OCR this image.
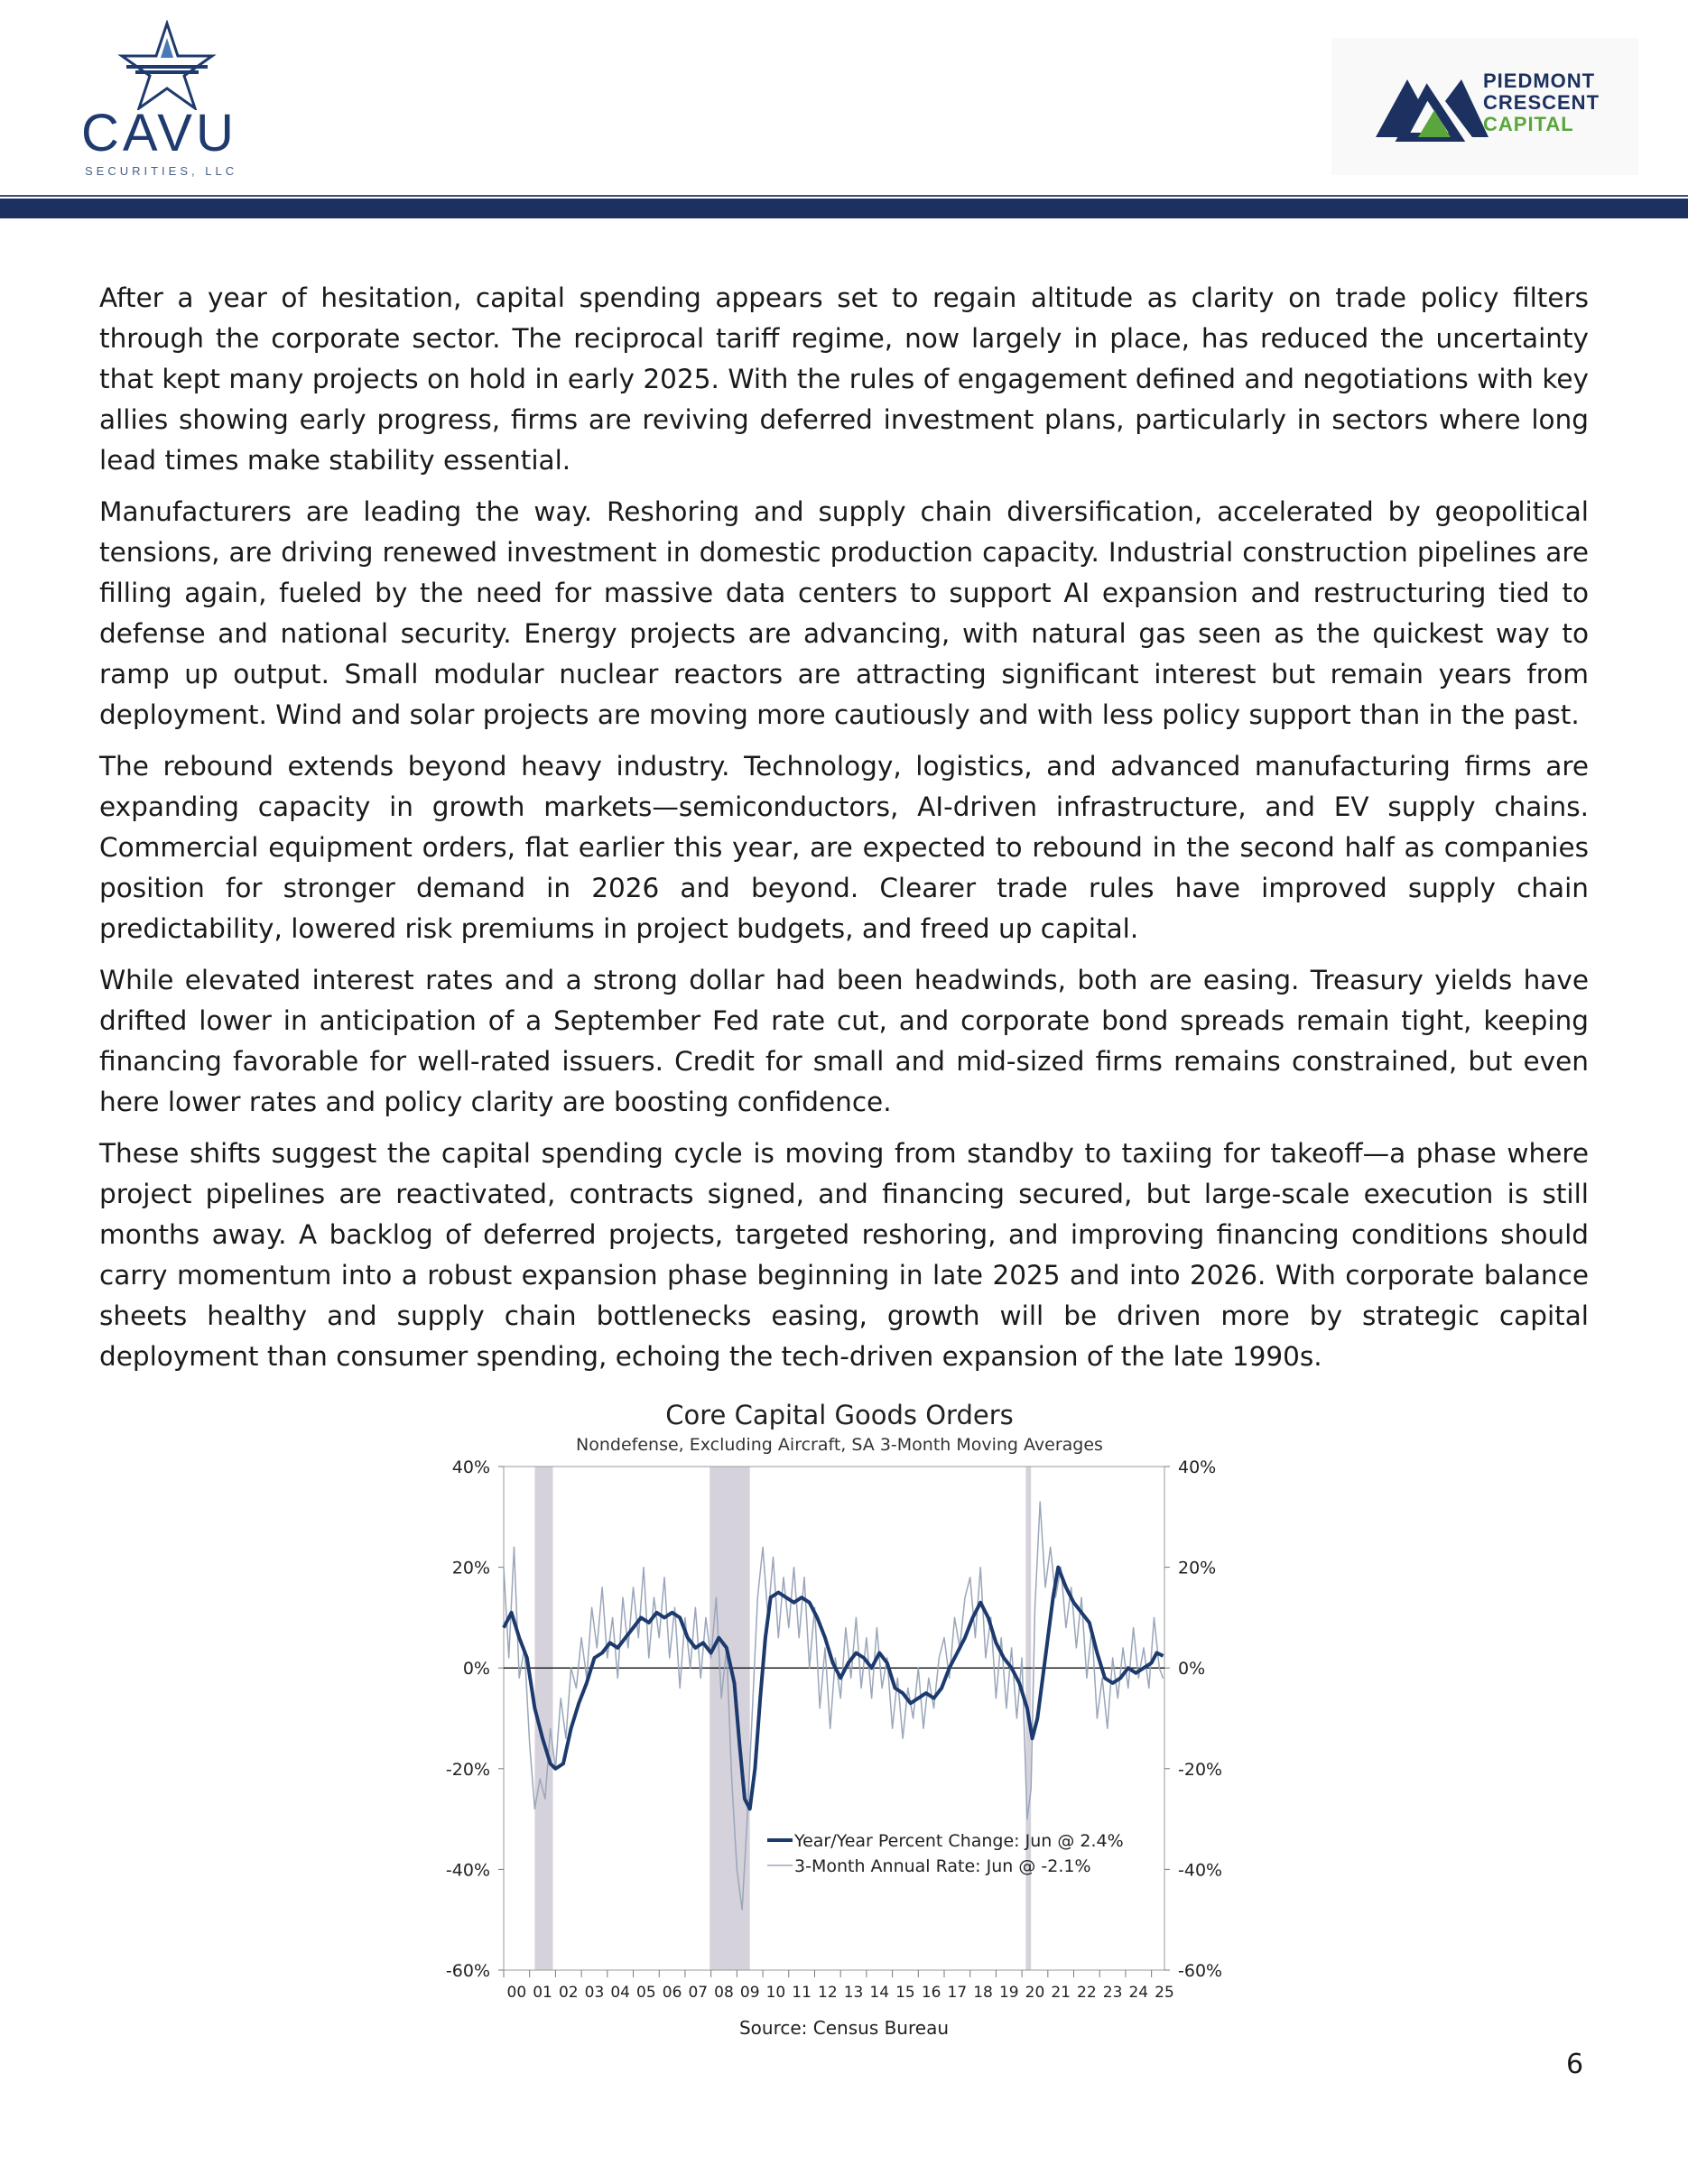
CAVU
SECURITIES, LLC
PIEDMONT
CRESCENT
CAPITAL

After a year of hesitation, capital spending appears set to regain altitude as clarity on trade policy filters through the corporate sector. The reciprocal tariff regime, now largely in place, has reduced the uncertainty that kept many projects on hold in early 2025. With the rules of engagement defined and negotiations with key allies showing early progress, firms are reviving deferred investment plans, particularly in sectors where long lead times make stability essential.

Manufacturers are leading the way. Reshoring and supply chain diversification, accelerated by geopolitical tensions, are driving renewed investment in domestic production capacity. Industrial construction pipelines are filling again, fueled by the need for massive data centers to support AI expansion and restructuring tied to defense and national security. Energy projects are advancing, with natural gas seen as the quickest way to ramp up output. Small modular nuclear reactors are attracting significant interest but remain years from deployment. Wind and solar projects are moving more cautiously and with less policy support than in the past.

The rebound extends beyond heavy industry. Technology, logistics, and advanced manufacturing firms are expanding capacity in growth markets—semiconductors, AI-driven infrastructure, and EV supply chains. Commercial equipment orders, flat earlier this year, are expected to rebound in the second half as companies position for stronger demand in 2026 and beyond. Clearer trade rules have improved supply chain predictability, lowered risk premiums in project budgets, and freed up capital.

While elevated interest rates and a strong dollar had been headwinds, both are easing. Treasury yields have drifted lower in anticipation of a September Fed rate cut, and corporate bond spreads remain tight, keeping financing favorable for well-rated issuers. Credit for small and mid-sized firms remains constrained, but even here lower rates and policy clarity are boosting confidence.

These shifts suggest the capital spending cycle is moving from standby to taxiing for takeoff—a phase where project pipelines are reactivated, contracts signed, and financing secured, but large-scale execution is still months away. A backlog of deferred projects, targeted reshoring, and improving financing conditions should carry momentum into a robust expansion phase beginning in late 2025 and into 2026. With corporate balance sheets healthy and supply chain bottlenecks easing, growth will be driven more by strategic capital deployment than consumer spending, echoing the tech-driven expansion of the late 1990s.

Core Capital Goods Orders
Nondefense, Excluding Aircraft, SA 3-Month Moving Averages
40%	40%
20%	20%
0%	0%
-20%	-20%
-40%	-40%
-60%	-60%
00 01 02 03 04 05 06 07 08 09 10 11 12 13 14 15 16 17 18 19 20 21 22 23 24 25
Year/Year Percent Change: Jun @ 2.4%
3-Month Annual Rate: Jun @ -2.1%
Source: Census Bureau
6
